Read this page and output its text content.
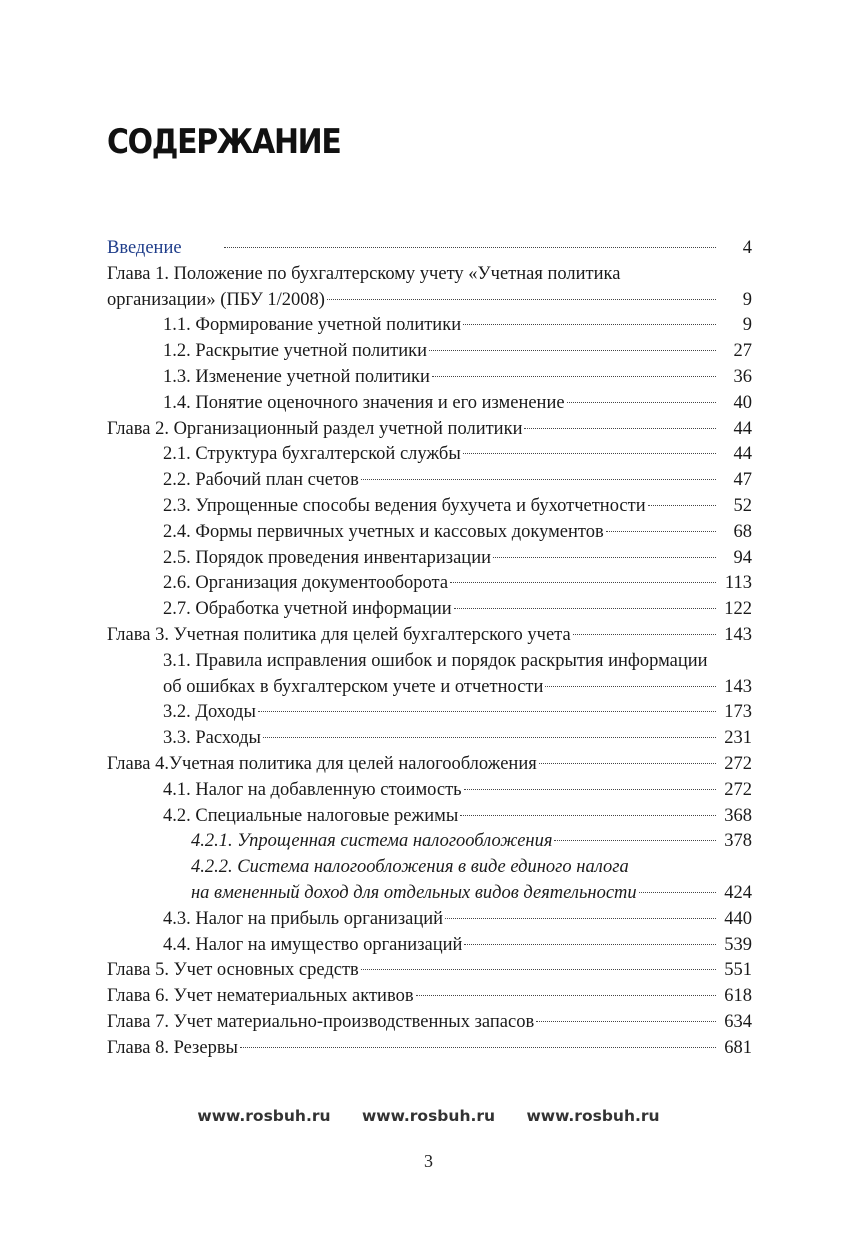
СОДЕРЖАНИЕ
Введение	4
Глава 1. Положение по бухгалтерскому учету «Учетная политика
организации» (ПБУ 1/2008)	9
1.1. Формирование учетной политики	9
1.2. Раскрытие учетной политики	27
1.3. Изменение учетной политики	36
1.4. Понятие оценочного значения и его изменение	40
Глава 2. Организационный раздел учетной политики	44
2.1. Структура бухгалтерской службы	44
2.2. Рабочий план счетов	47
2.3. Упрощенные способы ведения бухучета и бухотчетности	52
2.4. Формы первичных учетных и кассовых документов	68
2.5. Порядок проведения инвентаризации	94
2.6. Организация документооборота	113
2.7. Обработка учетной информации	122
Глава 3. Учетная политика для целей бухгалтерского учета	143
3.1. Правила исправления ошибок и порядок раскрытия информации
об ошибках в бухгалтерском учете и отчетности	143
3.2. Доходы	173
3.3. Расходы	231
Глава 4.Учетная политика для целей налогообложения	272
4.1. Налог на добавленную стоимость	272
4.2. Специальные налоговые режимы	368
4.2.1. Упрощенная система налогообложения	378
4.2.2. Система налогообложения в виде единого налога
на вмененный доход для отдельных видов деятельности	424
4.3. Налог на прибыль организаций	440
4.4. Налог на имущество организаций	539
Глава 5. Учет основных средств	551
Глава 6. Учет нематериальных активов	618
Глава 7. Учет материально-производственных запасов	634
Глава 8. Резервы	681
www.rosbuh.ru www.rosbuh.ru www.rosbuh.ru
3
